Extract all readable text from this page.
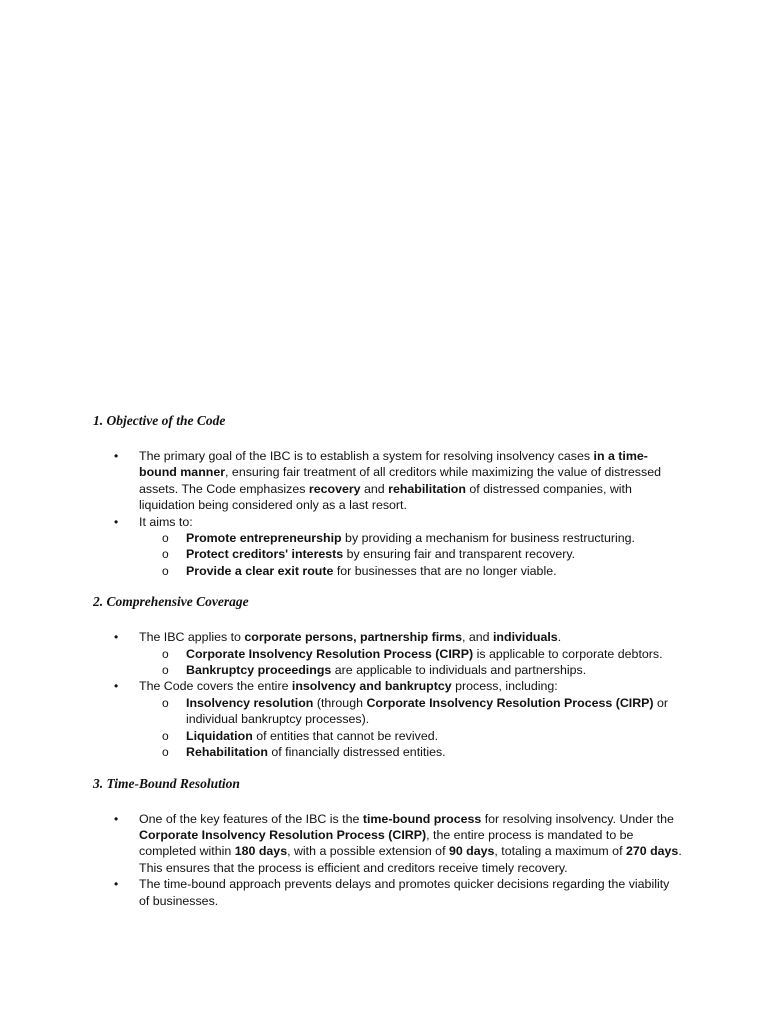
1. Objective of the Code
• The primary goal of the IBC is to establish a system for resolving insolvency cases in a time-bound manner, ensuring fair treatment of all creditors while maximizing the value of distressed assets. The Code emphasizes recovery and rehabilitation of distressed companies, with liquidation being considered only as a last resort.
• It aims to:
o Promote entrepreneurship by providing a mechanism for business restructuring.
o Protect creditors' interests by ensuring fair and transparent recovery.
o Provide a clear exit route for businesses that are no longer viable.
2. Comprehensive Coverage
• The IBC applies to corporate persons, partnership firms, and individuals.
o Corporate Insolvency Resolution Process (CIRP) is applicable to corporate debtors.
o Bankruptcy proceedings are applicable to individuals and partnerships.
• The Code covers the entire insolvency and bankruptcy process, including:
o Insolvency resolution (through Corporate Insolvency Resolution Process (CIRP) or individual bankruptcy processes).
o Liquidation of entities that cannot be revived.
o Rehabilitation of financially distressed entities.
3. Time-Bound Resolution
• One of the key features of the IBC is the time-bound process for resolving insolvency. Under the Corporate Insolvency Resolution Process (CIRP), the entire process is mandated to be completed within 180 days, with a possible extension of 90 days, totaling a maximum of 270 days. This ensures that the process is efficient and creditors receive timely recovery.
• The time-bound approach prevents delays and promotes quicker decisions regarding the viability of businesses.
